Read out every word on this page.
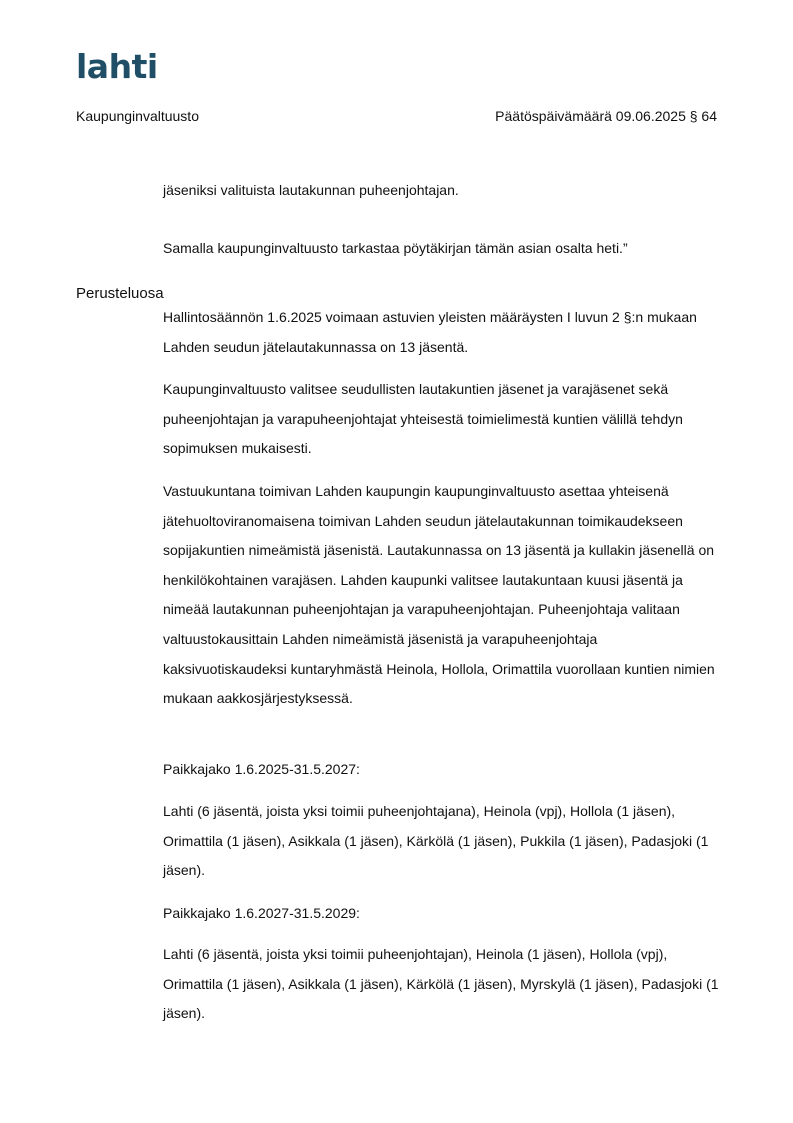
lahti
Kaupunginvaltuusto	Päätöspäivämäärä 09.06.2025 § 64

jäseniksi valituista lautakunnan puheenjohtajan.

Samalla kaupunginvaltuusto tarkastaa pöytäkirjan tämän asian osalta heti.”

Perusteluosa

Hallintosäännön 1.6.2025 voimaan astuvien yleisten määräysten I luvun 2 §:n mukaan Lahden seudun jätelautakunnassa on 13 jäsentä.

Kaupunginvaltuusto valitsee seudullisten lautakuntien jäsenet ja varajäsenet sekä puheenjohtajan ja varapuheenjohtajat yhteisestä toimielimestä kuntien välillä tehdyn sopimuksen mukaisesti.

Vastuukuntana toimivan Lahden kaupungin kaupunginvaltuusto asettaa yhteisenä jätehuoltoviranomaisena toimivan Lahden seudun jätelautakunnan toimikaudekseen sopijakuntien nimeämistä jäsenistä. Lautakunnassa on 13 jäsentä ja kullakin jäsenellä on henkilökohtainen varajäsen. Lahden kaupunki valitsee lautakuntaan kuusi jäsentä ja nimeää lautakunnan puheenjohtajan ja varapuheenjohtajan. Puheenjohtaja valitaan valtuustokausittain Lahden nimeämistä jäsenistä ja varapuheenjohtaja kaksivuotiskaudeksi kuntaryhmästä Heinola, Hollola, Orimattila vuorollaan kuntien nimien mukaan aakkosjärjestyksessä.

Paikkajako 1.6.2025-31.5.2027:

Lahti (6 jäsentä, joista yksi toimii puheenjohtajana), Heinola (vpj), Hollola (1 jäsen), Orimattila (1 jäsen), Asikkala (1 jäsen), Kärkölä (1 jäsen), Pukkila (1 jäsen), Padasjoki (1 jäsen).

Paikkajako 1.6.2027-31.5.2029:

Lahti (6 jäsentä, joista yksi toimii puheenjohtajan), Heinola (1 jäsen), Hollola (vpj), Orimattila (1 jäsen), Asikkala (1 jäsen), Kärkölä (1 jäsen), Myrskylä (1 jäsen), Padasjoki (1 jäsen).
